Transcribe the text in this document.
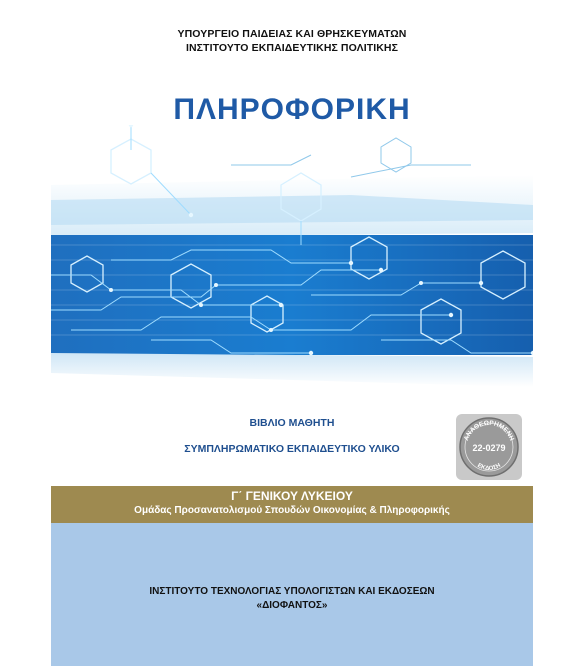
ΥΠΟΥΡΓΕΙΟ ΠΑΙΔΕΙΑΣ ΚΑΙ ΘΡΗΣΚΕΥΜΑΤΩΝ
ΙΝΣΤΙΤΟΥΤΟ ΕΚΠΑΙΔΕΥΤΙΚΗΣ ΠΟΛΙΤΙΚΗΣ
ΠΛΗΡΟΦΟΡΙΚΗ
ΒΙΒΛΙΟ ΜΑΘΗΤΗ
ΣΥΜΠΛΗΡΩΜΑΤΙΚΟ ΕΚΠΑΙΔΕΥΤΙΚΟ ΥΛΙΚΟ
ΑΝΑΘΕΩΡΗΜΕΝΗ
22-0279
ΕΚΔΟΣΗ
Γ΄ ΓΕΝΙΚΟΥ ΛΥΚΕΙΟΥ
Ομάδας Προσανατολισμού Σπουδών Οικονομίας & Πληροφορικής
ΙΝΣΤΙΤΟΥΤΟ ΤΕΧΝΟΛΟΓΙΑΣ ΥΠΟΛΟΓΙΣΤΩΝ ΚΑΙ ΕΚΔΟΣΕΩΝ
«ΔΙΟΦΑΝΤΟΣ»
